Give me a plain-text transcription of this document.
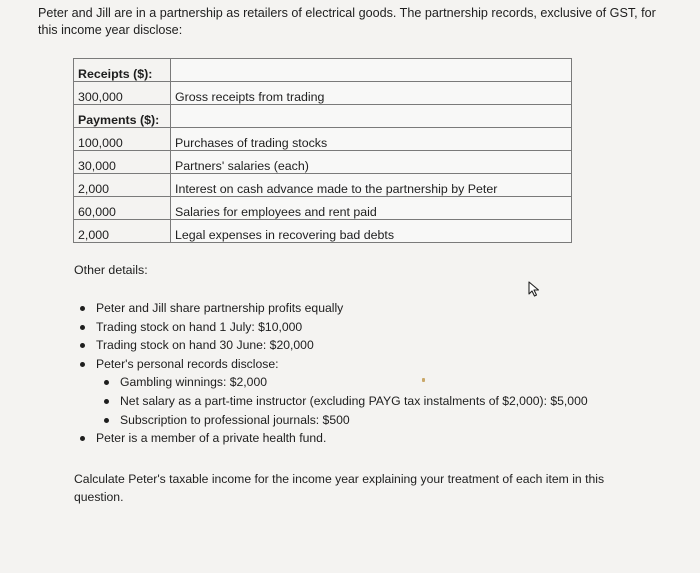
Peter and Jill are in a partnership as retailers of electrical goods. The partnership records, exclusive of GST, for this income year disclose:

Receipts ($):	
300,000	Gross receipts from trading
Payments ($):	
100,000	Purchases of trading stocks
30,000	Partners' salaries (each)
2,000	Interest on cash advance made to the partnership by Peter
60,000	Salaries for employees and rent paid
2,000	Legal expenses in recovering bad debts

Other details:

Peter and Jill share partnership profits equally
Trading stock on hand 1 July: $10,000
Trading stock on hand 30 June: $20,000
Peter's personal records disclose:
Gambling winnings: $2,000
Net salary as a part-time instructor (excluding PAYG tax instalments of $2,000): $5,000
Subscription to professional journals: $500
Peter is a member of a private health fund.

Calculate Peter's taxable income for the income year explaining your treatment of each item in this question.
